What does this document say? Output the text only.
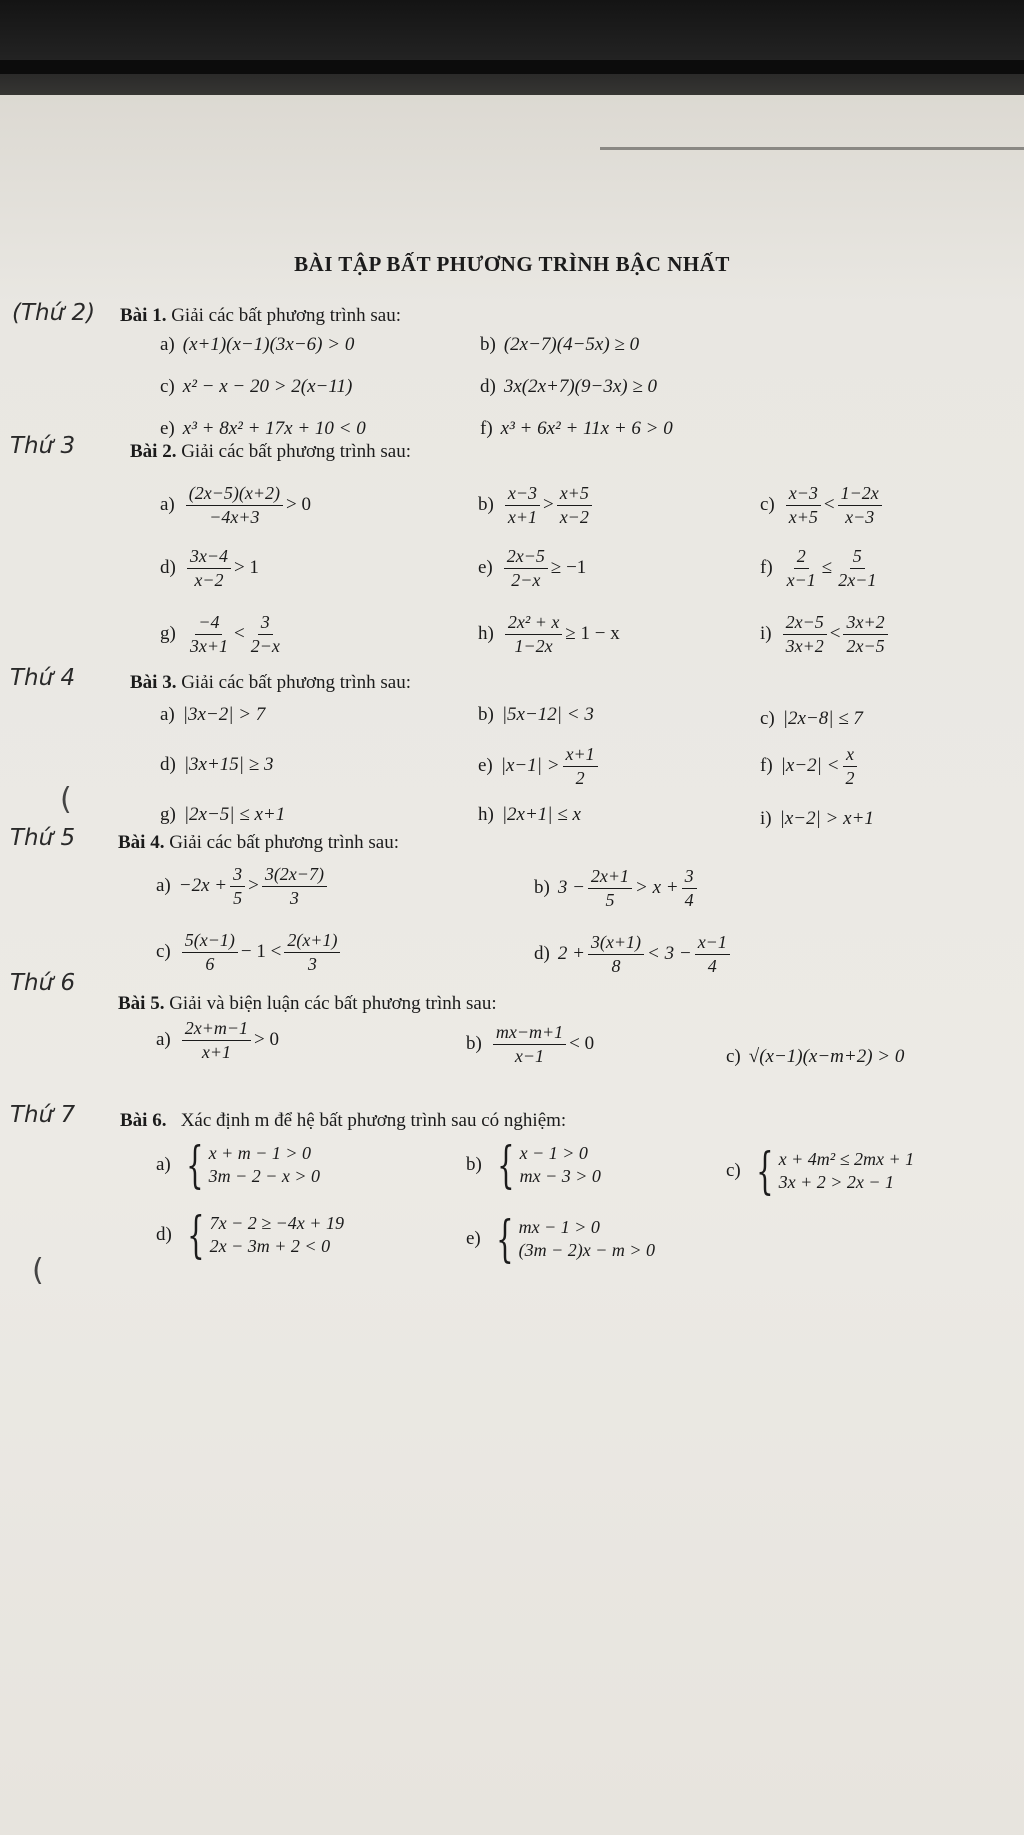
BÀI TẬP BẤT PHƯƠNG TRÌNH BẬC NHẤT
(Thứ 2)
Thứ 3
Thứ 4
Thứ 5
Thứ 6
Thứ 7
(
(
Bài 1. Giải các bất phương trình sau:
a) (x+1)(x−1)(3x−6) > 0	b) (2x−7)(4−5x) ≥ 0
c) x² − x − 20 > 2(x−11)	d) 3x(2x+7)(9−3x) ≥ 0
e) x³ + 8x² + 17x + 10 < 0	f) x³ + 6x² + 11x + 6 > 0
Bài 2. Giải các bất phương trình sau:
$a) \frac{(2x-5)(x+2)}{-4x+3} > 0$	$b) \frac{x-3}{x+1} > \frac{x+5}{x-2}$	$c) \frac{x-3}{x+5} < \frac{1-2x}{x-3}$
$d) \frac{3x-4}{x-2} > 1$	$e) \frac{2x-5}{2-x} \ge -1$	$f) \frac{2}{x-1} \le \frac{5}{2x-1}$
$g) \frac{-4}{3x+1} < \frac{3}{2-x}$	$h) \frac{\text{2x² + x}}{1-2x} \ge 1 - x$	$i) \frac{2x-5}{3x+2} < \frac{3x+2}{2x-5}$
Bài 3. Giải các bất phương trình sau:
a) |3x−2| > 7	b) |5x−12| < 3	c) |2x−8| ≤ 7
d) |3x+15| ≥ 3	e) $|x-1| > \frac{x+1}{2}$	f) $|x-2| < \frac{x}{2}$
g) |2x−5| ≤ x+1	h) |2x+1| ≤ x	i) |x−2| > x+1
Bài 4. Giải các bất phương trình sau:
$a) -2x + \frac{3}{5} > \frac{3(2x-7)}{3}$	b) $3 - \frac{2x+1}{5} > x + \frac{3}{4}$
$c) \frac{5(x-1)}{6} - 1 < \frac{2(x+1)}{3}$	d) $2 + \frac{3(x+1)}{8} < 3 - \frac{x-1}{4}$
Bài 5. Giải và biện luận các bất phương trình sau:
$a) \frac{2x+m-1}{x+1} > 0$	$b) \frac{mx-m+1}{x-1} < 0$
c) √(x−1)(x−m+2) > 0
Bài 6. Xác định m để hệ bất phương trình sau có nghiệm:
a) { x + m − 1 > 0
3m − 2 − x > 0
b) { x − 1 > 0
mx − 3 > 0	c) { x + 4m² ≤ 2mx + 1
3x + 2 > 2x − 1
d) { 7x − 2 ≥ −4x + 19
2x − 3m + 2 < 0	e) { mx − 1 > 0
(3m − 2)x − m > 0
